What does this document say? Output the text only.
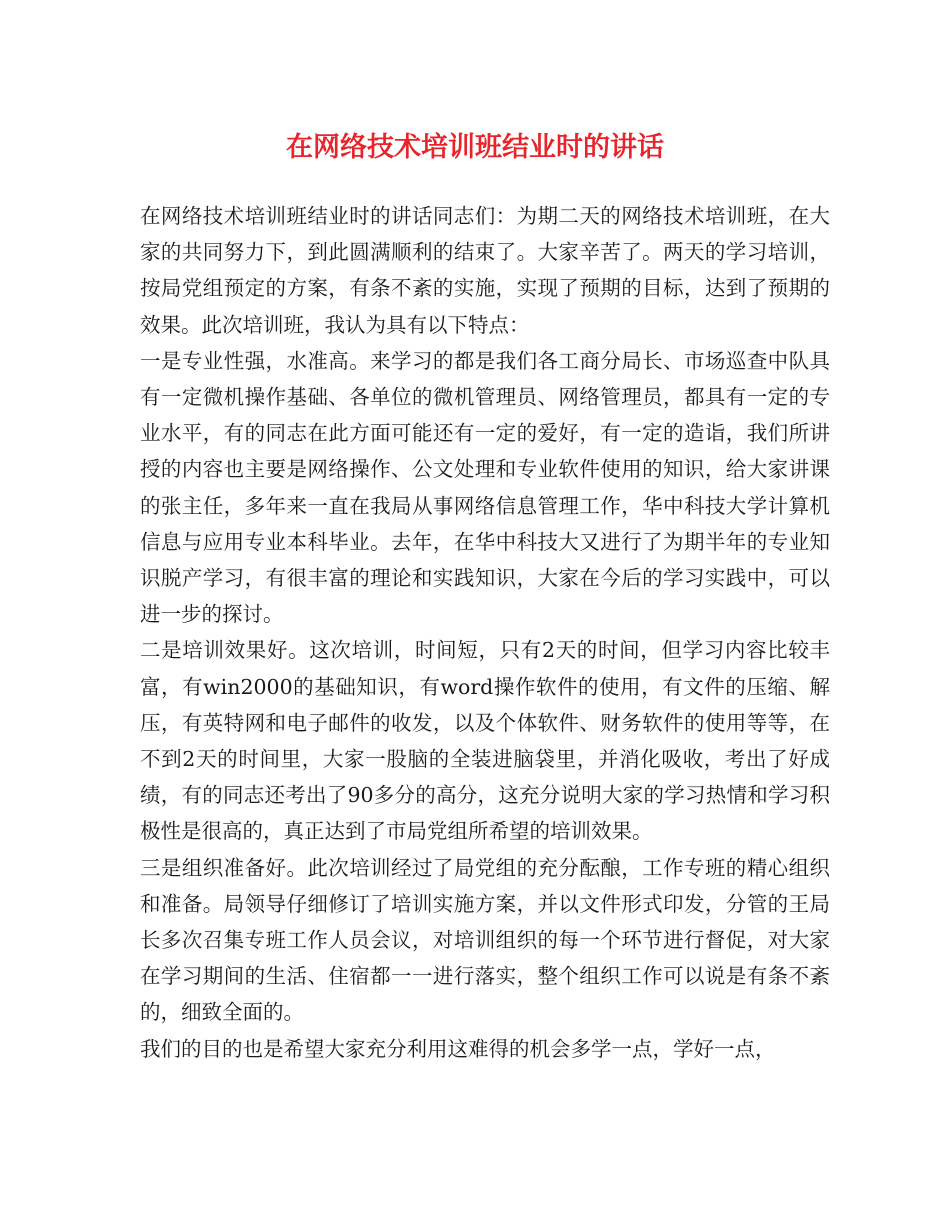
在网络技术培训班结业时的讲话

在网络技术培训班结业时的讲话同志们：为期二天的网络技术培训班，在大家的共同努力下，到此圆满顺利的结束了。大家辛苦了。两天的学习培训，按局党组预定的方案，有条不紊的实施，实现了预期的目标，达到了预期的效果。此次培训班，我认为具有以下特点：

一是专业性强，水准高。来学习的都是我们各工商分局长、市场巡查中队具有一定微机操作基础、各单位的微机管理员、网络管理员，都具有一定的专业水平，有的同志在此方面可能还有一定的爱好，有一定的造诣，我们所讲授的内容也主要是网络操作、公文处理和专业软件使用的知识，给大家讲课的张主任，多年来一直在我局从事网络信息管理工作，华中科技大学计算机信息与应用专业本科毕业。去年，在华中科技大又进行了为期半年的专业知识脱产学习，有很丰富的理论和实践知识，大家在今后的学习实践中，可以进一步的探讨。

二是培训效果好。这次培训，时间短，只有2天的时间，但学习内容比较丰富，有win2000的基础知识，有word操作软件的使用，有文件的压缩、解压，有英特网和电子邮件的收发，以及个体软件、财务软件的使用等等，在不到2天的时间里，大家一股脑的全装进脑袋里，并消化吸收，考出了好成绩，有的同志还考出了90多分的高分，这充分说明大家的学习热情和学习积极性是很高的，真正达到了市局党组所希望的培训效果。

三是组织准备好。此次培训经过了局党组的充分酝酿，工作专班的精心组织和准备。局领导仔细修订了培训实施方案，并以文件形式印发，分管的王局长多次召集专班工作人员会议，对培训组织的每一个环节进行督促，对大家在学习期间的生活、住宿都一一进行落实，整个组织工作可以说是有条不紊的，细致全面的。

我们的目的也是希望大家充分利用这难得的机会多学一点，学好一点，
